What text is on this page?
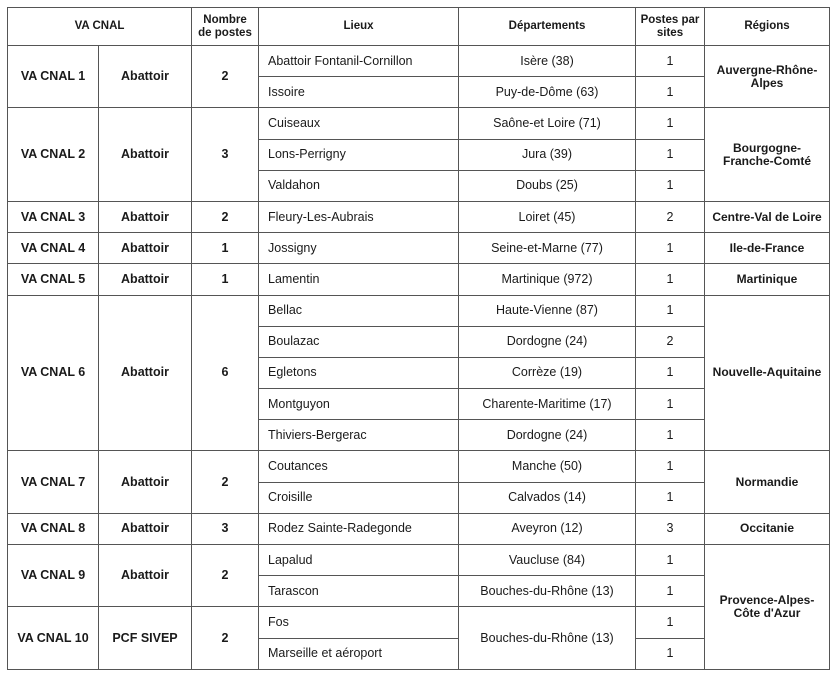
VA CNAL		Nombre de postes	Lieux	Départements	Postes par sites	Régions
VA CNAL 1	Abattoir	2	Abattoir Fontanil-Cornillon	Isère (38)	1	Auvergne-Rhône-Alpes
			Issoire	Puy-de-Dôme (63)	1	
VA CNAL 2	Abattoir	3	Cuiseaux	Saône-et Loire (71)	1	Bourgogne-Franche-Comté
			Lons-Perrigny	Jura (39)	1	
			Valdahon	Doubs (25)	1	
VA CNAL 3	Abattoir	2	Fleury-Les-Aubrais	Loiret (45)	2	Centre-Val de Loire
VA CNAL 4	Abattoir	1	Jossigny	Seine-et-Marne (77)	1	Ile-de-France
VA CNAL 5	Abattoir	1	Lamentin	Martinique (972)	1	Martinique
VA CNAL 6	Abattoir	6	Bellac	Haute-Vienne (87)	1	Nouvelle-Aquitaine
			Boulazac	Dordogne (24)	2	
			Egletons	Corrèze (19)	1	
			Montguyon	Charente-Maritime (17)	1	
			Thiviers-Bergerac	Dordogne (24)	1	
VA CNAL 7	Abattoir	2	Coutances	Manche (50)	1	Normandie
			Croisille	Calvados (14)	1	
VA CNAL 8	Abattoir	3	Rodez Sainte-Radegonde	Aveyron (12)	3	Occitanie
VA CNAL 9	Abattoir	2	Lapalud	Vaucluse (84)	1	Provence-Alpes-Côte d'Azur
			Tarascon	Bouches-du-Rhône (13)	1	
VA CNAL 10	PCF SIVEP	2	Fos	Bouches-du-Rhône (13)	1	
			Marseille et aéroport		1	
